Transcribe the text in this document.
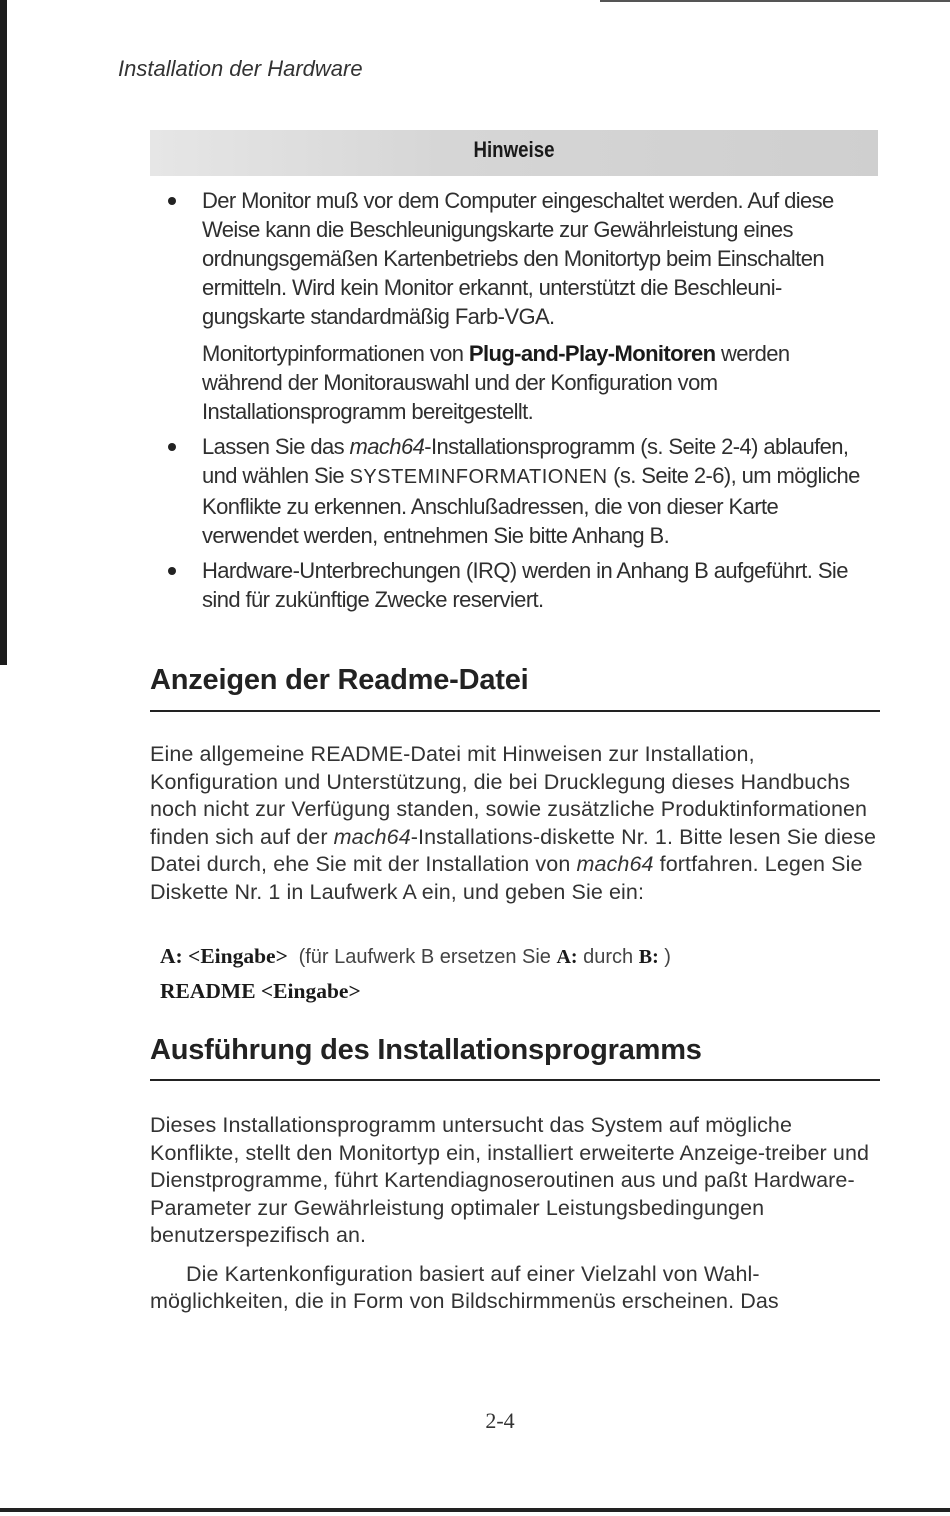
Installation der Hardware
Hinweise

Der Monitor muß vor dem Computer eingeschaltet werden. Auf diese Weise kann die Beschleunigungskarte zur Gewährleistung eines ordnungsgemäßen Kartenbetriebs den Monitortyp beim Einschalten ermitteln. Wird kein Monitor erkannt, unterstützt die Beschleuni-gungskarte standardmäßig Farb-VGA.

Monitortypinformationen von Plug-and-Play-Monitoren werden während der Monitorauswahl und der Konfiguration vom Installationsprogramm bereitgestellt.

Lassen Sie das mach64-Installationsprogramm (s. Seite 2-4) ablaufen, und wählen Sie SYSTEMINFORMATIONEN (s. Seite 2-6), um mögliche Konflikte zu erkennen. Anschlußadressen, die von dieser Karte verwendet werden, entnehmen Sie bitte Anhang B.

Hardware-Unterbrechungen (IRQ) werden in Anhang B aufgeführt. Sie sind für zukünftige Zwecke reserviert.

Anzeigen der Readme-Datei

Eine allgemeine README-Datei mit Hinweisen zur Installation, Konfiguration und Unterstützung, die bei Drucklegung dieses Handbuchs noch nicht zur Verfügung standen, sowie zusätzliche Produktinformationen finden sich auf der mach64-Installations-diskette Nr. 1. Bitte lesen Sie diese Datei durch, ehe Sie mit der Installation von mach64 fortfahren. Legen Sie Diskette Nr. 1 in Laufwerk A ein, und geben Sie ein:

A: <Eingabe> (für Laufwerk B ersetzen Sie A: durch B: )
README <Eingabe>
Ausführung des Installationsprogramms

Dieses Installationsprogramm untersucht das System auf mögliche Konflikte, stellt den Monitortyp ein, installiert erweiterte Anzeige-treiber und Dienstprogramme, führt Kartendiagnoseroutinen aus und paßt Hardware-Parameter zur Gewährleistung optimaler Leistungsbedingungen benutzerspezifisch an.

Die Kartenkonfiguration basiert auf einer Vielzahl von Wahl-möglichkeiten, die in Form von Bildschirmmenüs erscheinen. Das

2-4
